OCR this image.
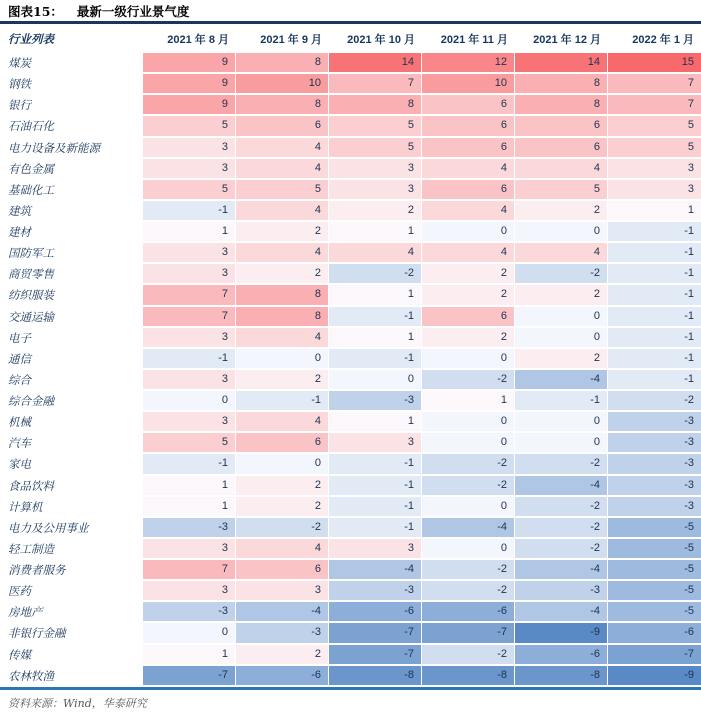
图表15： 最新一级行业景气度
行业列表	2021 年 8 月	2021 年 9 月	2021 年 10 月	2021 年 11 月	2021 年 12 月	2022 年 1 月
煤炭	9	8	14	12	14	15
钢铁	9	10	7	10	8	7
银行	9	8	8	6	8	7
石油石化	5	6	5	6	6	5
电力设备及新能源	3	4	5	6	6	5
有色金属	3	4	3	4	4	3
基础化工	5	5	3	6	5	3
建筑	-1	4	2	4	2	1
建材	1	2	1	0	0	-1
国防军工	3	4	4	4	4	-1
商贸零售	3	2	-2	2	-2	-1
纺织服装	7	8	1	2	2	-1
交通运输	7	8	-1	6	0	-1
电子	3	4	1	2	0	-1
通信	-1	0	-1	0	2	-1
综合	3	2	0	-2	-4	-1
综合金融	0	-1	-3	1	-1	-2
机械	3	4	1	0	0	-3
汽车	5	6	3	0	0	-3
家电	-1	0	-1	-2	-2	-3
食品饮料	1	2	-1	-2	-4	-3
计算机	1	2	-1	0	-2	-3
电力及公用事业	-3	-2	-1	-4	-2	-5
轻工制造	3	4	3	0	-2	-5
消费者服务	7	6	-4	-2	-4	-5
医药	3	3	-3	-2	-3	-5
房地产	-3	-4	-6	-6	-4	-5
非银行金融	0	-3	-7	-7	-9	-6
传媒	1	2	-7	-2	-6	-7
农林牧渔	-7	-6	-8	-8	-8	-9
资料来源：Wind，华泰研究
